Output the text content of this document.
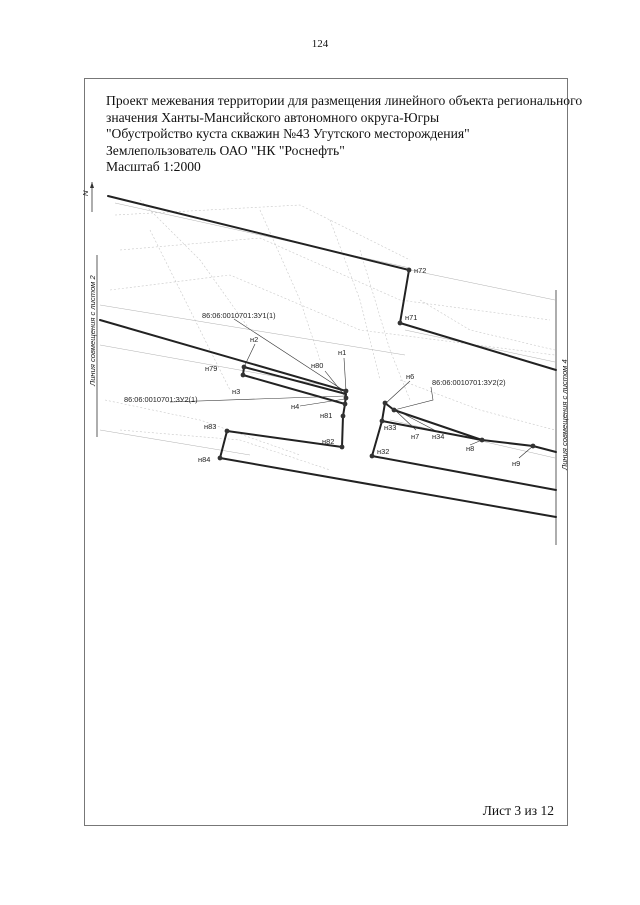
124
Проект межевания территории для размещения линейного объекта регионального
значения Ханты-Мансийского автономного округа-Югры
"Обустройство куста скважин №43 Угутского месторождения"
Землепользователь ОАО "НК "Роснефть"
Масштаб 1:2000
N
Линия совмещения с листом 2
Линия совмещения с листом 4
86:06:0010701:ЗУ1(1)
86:06:0010701:ЗУ2(1)
86:06:0010701:ЗУ2(2)
н72
н71
н2
н1
н79	н80
н3
н6
н4
н81
н33
н7 н34
н83
н82
н8
н32
н84	н9
Лист 3 из 12
